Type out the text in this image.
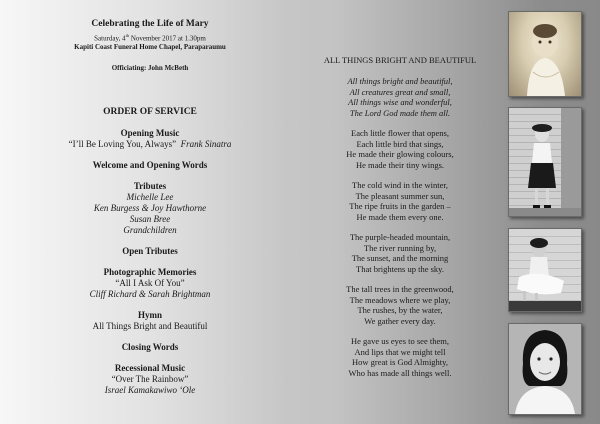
Celebrating the Life of Mary
Saturday, 4th November 2017 at 1.30pm
Kapiti Coast Funeral Home Chapel, Paraparaumu
Officiating: John McBeth
ORDER OF SERVICE
Opening Music
“I’ll Be Loving You, Always” Frank Sinatra
Welcome and Opening Words
Tributes
Michelle Lee
Ken Burgess & Joy Hawthorne
Susan Bree
Grandchildren
Open Tributes
Photographic Memories
“All I Ask Of You”
Cliff Richard & Sarah Brightman
Hymn
All Things Bright and Beautiful
Closing Words
Recessional Music
“Over The Rainbow”
Israel Kamakawiwo ‘Ole
ALL THINGS BRIGHT AND BEAUTIFUL
All things bright and beautiful,
All creatures great and small,
All things wise and wonderful,
The Lord God made them all.
Each little flower that opens,
Each little bird that sings,
He made their glowing colours,
He made their tiny wings.
The cold wind in the winter,
The pleasant summer sun,
The ripe fruits in the garden –
He made them every one.
The purple-headed mountain,
The river running by,
The sunset, and the morning
That brightens up the sky.
The tall trees in the greenwood,
The meadows where we play,
The rushes, by the water,
We gather every day.
He gave us eyes to see them,
And lips that we might tell
How great is God Almighty,
Who has made all things well.
